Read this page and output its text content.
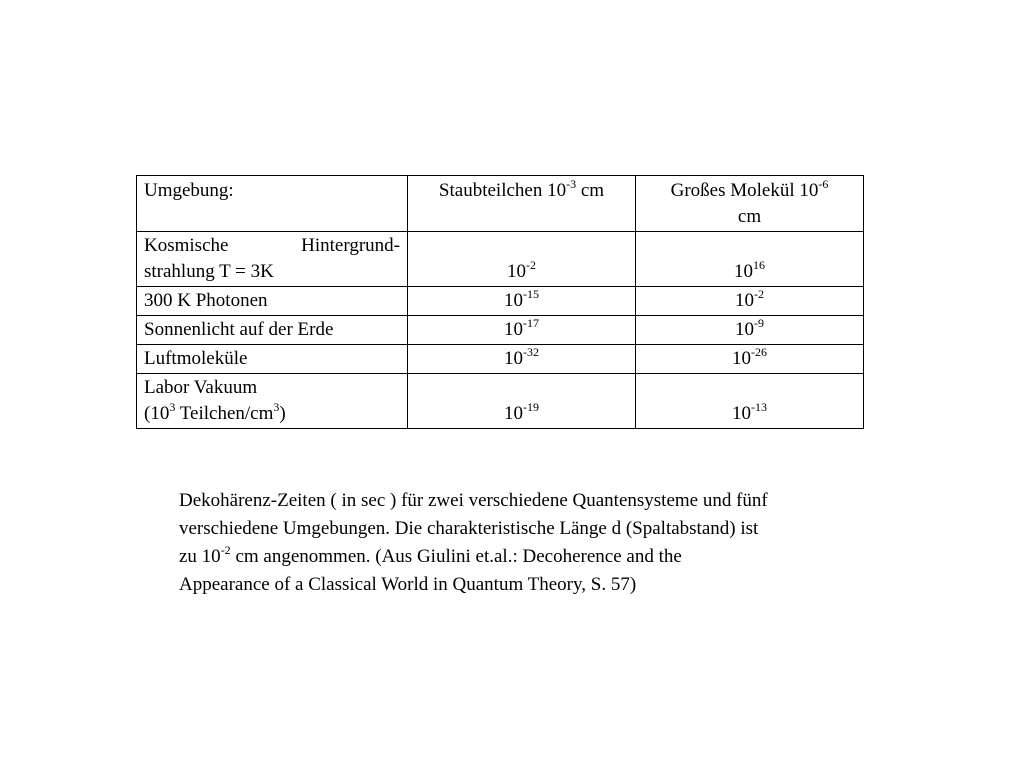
Umgebung:	Staubteilchen $10^{-3}$ cm	Großes Molekül $10^{-6}$
cm

Kosmische Hintergrund-
strahlung T = 3K	$10^{-2}$	$10^{16}$
300 K Photonen	$10^{-15}$	$10^{-2}$
Sonnenlicht auf der Erde	$10^{-17}$	$10^{-9}$
Luftmoleküle	$10^{-32}$	$10^{-26}$
Labor Vakuum
($10^3$ Teilchen/$cm^3$)	$10^{-19}$	$10^{-13}$
Dekohärenz-Zeiten ( in sec ) für zwei verschiedene Quantensysteme und fünf
verschiedene Umgebungen. Die charakteristische Länge d (Spaltabstand) ist
zu $10^{-2}$ cm angenommen. (Aus Giulini et.al.: Decoherence and the
Appearance of a Classical World in Quantum Theory, S. 57)
